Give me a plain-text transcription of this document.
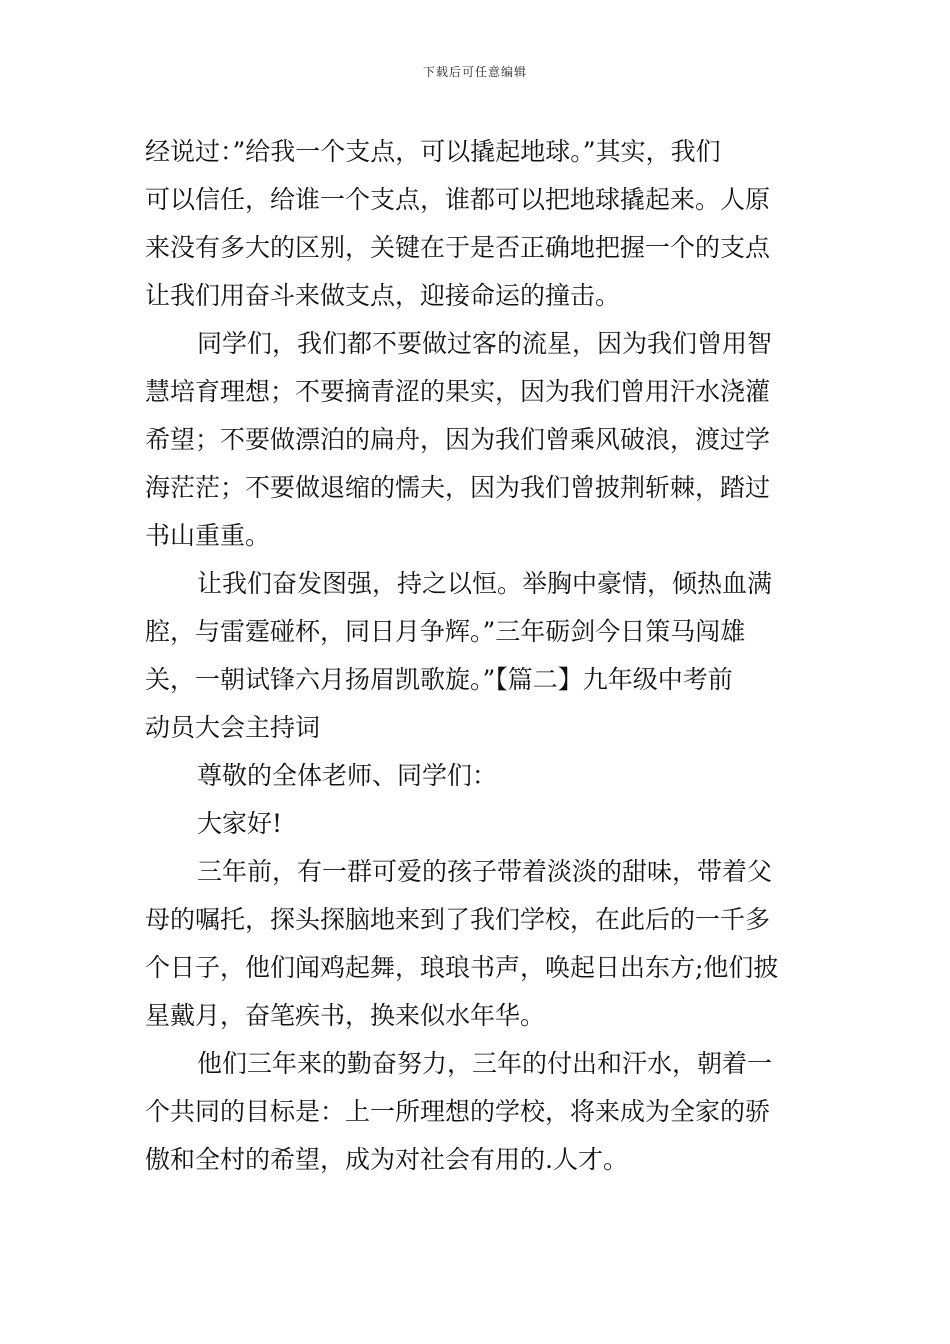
下载后可任意编辑
经说过：”给我一个支点，可以撬起地球。”其实，我们
可以信任，给谁一个支点，谁都可以把地球撬起来。人原
来没有多大的区别，关键在于是否正确地把握一个的支点
让我们用奋斗来做支点，迎接命运的撞击。
同学们，我们都不要做过客的流星，因为我们曾用智
慧培育理想；不要摘青涩的果实，因为我们曾用汗水浇灌
希望；不要做漂泊的扁舟，因为我们曾乘风破浪，渡过学
海茫茫；不要做退缩的懦夫，因为我们曾披荆斩棘，踏过
书山重重。
让我们奋发图强，持之以恒。举胸中豪情，倾热血满
腔，与雷霆碰杯，同日月争辉。”三年砺剑今日策马闯雄
关，一朝试锋六月扬眉凯歌旋。”【篇二】九年级中考前
动员大会主持词
尊敬的全体老师、同学们：
大家好!
三年前，有一群可爱的孩子带着淡淡的甜味，带着父
母的嘱托，探头探脑地来到了我们学校，在此后的一千多
个日子，他们闻鸡起舞，琅琅书声，唤起日出东方;他们披
星戴月，奋笔疾书，换来似水年华。
他们三年来的勤奋努力，三年的付出和汗水，朝着一
个共同的目标是：上一所理想的学校，将来成为全家的骄
傲和全村的希望，成为对社会有用的.人才。
